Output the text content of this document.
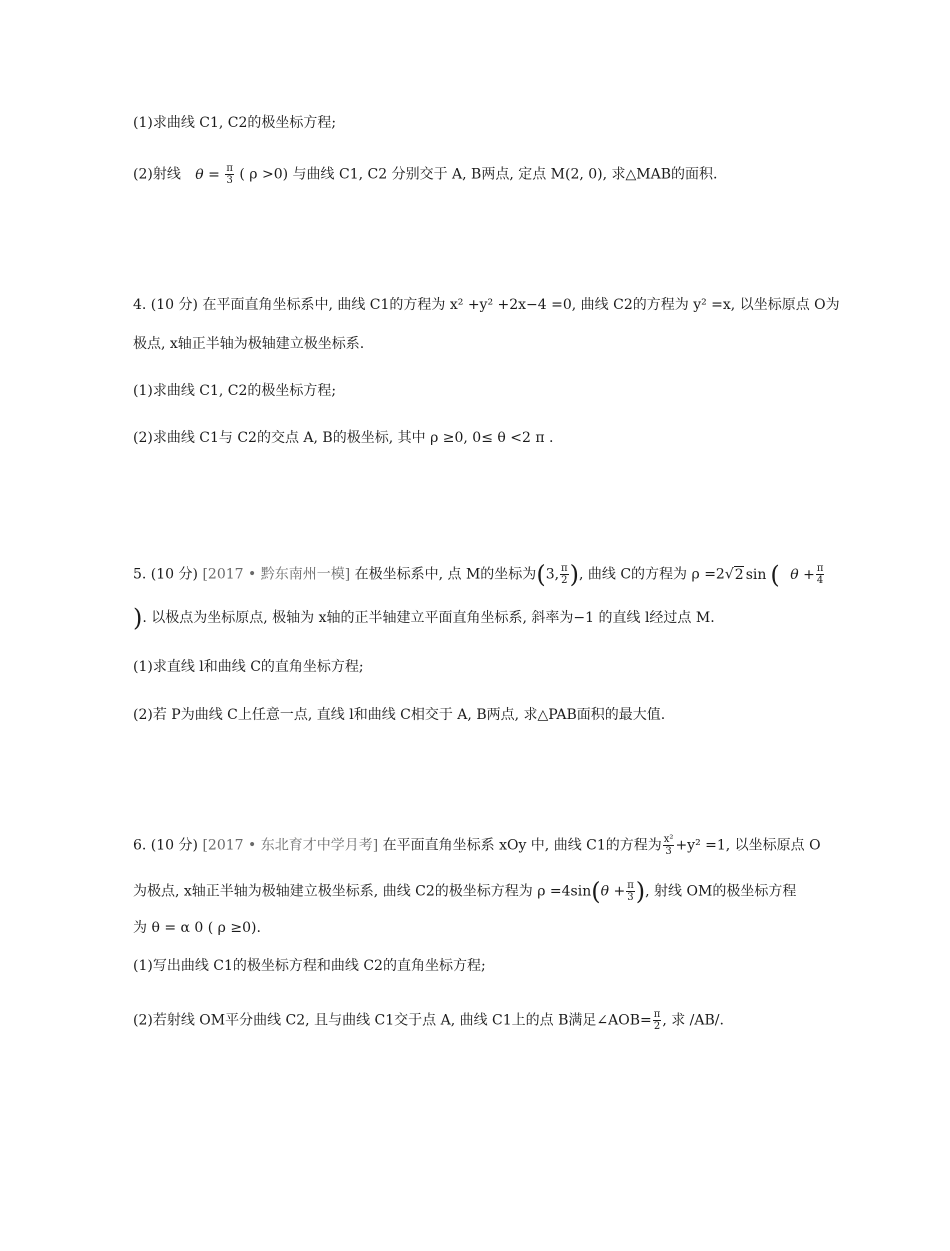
(1)求曲线 C1, C2的极坐标方程;
(2)射线 $\theta = \frac{\pi}{3}$ ( ρ >0) 与曲线 C1, C2 分别交于 A, B两点, 定点 M(2, 0), 求△MAB的面积.
4. (10 分) 在平面直角坐标系中, 曲线 C1的方程为 x² +y² +2x−4 =0, 曲线 C2的方程为 y² =x, 以坐标原点 O为
极点, x轴正半轴为极轴建立极坐标系.
(1)求曲线 C1, C2的极坐标方程;
(2)求曲线 C1与 C2的交点 A, B的极坐标, 其中 ρ ≥0, 0≤ θ <2 π .
5. (10 分) [2017 • 黔东南州一模] 在极坐标系中, 点 M的坐标为(3, $\frac{\pi}{2}$ ), 曲线 C的方程为 ρ =2√2 sin ( $\theta + \frac{\pi}{4}$
). 以极点为坐标原点, 极轴为 x轴的正半轴建立平面直角坐标系, 斜率为−1 的直线 l经过点 M.
(1)求直线 l和曲线 C的直角坐标方程;
(2)若 P为曲线 C上任意一点, 直线 l和曲线 C相交于 A, B两点, 求△PAB面积的最大值.
6. (10 分) [2017 • 东北育才中学月考] 在平面直角坐标系 xOy 中, 曲线 C1的方程为 $\frac{\text{x²}}{3} +y^2 =1$, 以坐标原点 O
为极点, x轴正半轴为极轴建立极坐标系, 曲线 C2的极坐标方程为 $\rho =4\sin(\theta + \frac{\pi}{3}$ ), 射线 OM的极坐标方程
为 θ = α 0 ( ρ ≥0).
(1)写出曲线 C1的极坐标方程和曲线 C2的直角坐标方程;
(2)若射线 OM平分曲线 C2, 且与曲线 C1交于点 A, 曲线 C1上的点 B满足∠AOB= $\frac{\pi}{2}$ , 求 /AB/.
